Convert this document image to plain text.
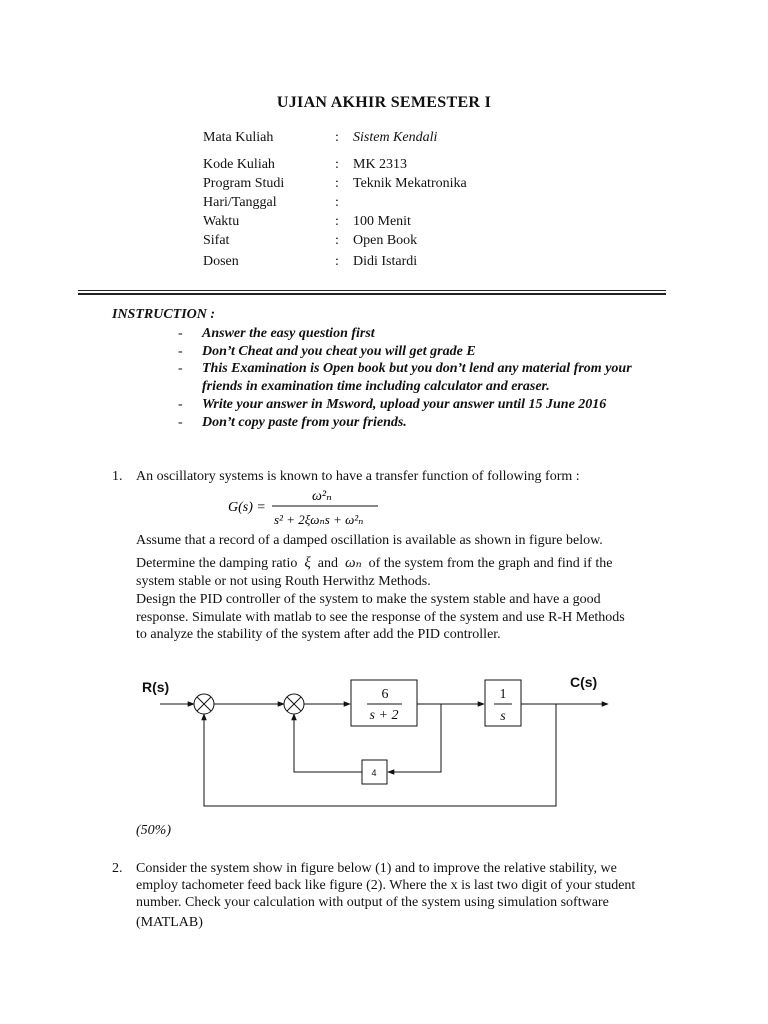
UJIAN AKHIR SEMESTER I
Mata Kuliah	: Sistem Kendali
Kode Kuliah	: MK 2313
Program Studi	: Teknik Mekatronika
Hari/Tanggal	:
Waktu	: 100 Menit
Sifat	: Open Book
Dosen	: Didi Istardi
INSTRUCTION :
- Answer the easy question first
- Don’t Cheat and you cheat you will get grade E
- This Examination is Open book but you don’t lend any material from your
friends in examination time including calculator and eraser.
- Write your answer in Msword, upload your answer until 15 June 2016
- Don’t copy paste from your friends.
1. An oscillatory systems is known to have a transfer function of following form :
G(s) =
ω²ₙ
s² + 2ξωₙs + ω²ₙ
Assume that a record of a damped oscillation is available as shown in figure below.
Determine the damping ratio ξ and ωₙ of the system from the graph and find if the
system stable or not using Routh Herwithz Methods.
Design the PID controller of the system to make the system stable and have a good
response. Simulate with matlab to see the response of the system and use R-H Methods
to analyze the stability of the system after add the PID controller.
R(s)	C(s)
6
s + 2
1
s
4
(50%)
2. Consider the system show in figure below (1) and to improve the relative stability, we
employ tachometer feed back like figure (2). Where the x is last two digit of your student
number. Check your calculation with output of the system using simulation software
(MATLAB)
